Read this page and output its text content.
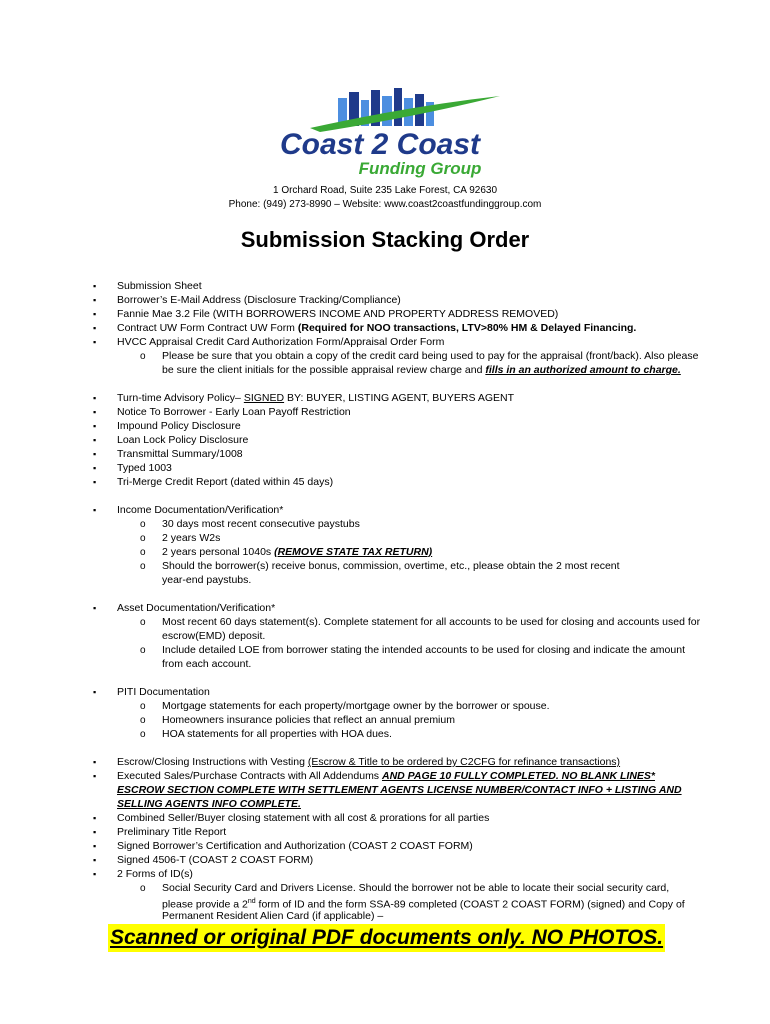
Coast 2 Coast
Funding Group
1 Orchard Road, Suite 235 Lake Forest, CA 92630
Phone: (949) 273-8990 – Website: www.coast2coastfundinggroup.com
Submission Stacking Order
▪
▪
▪
▪
▪
▪
▪
▪
▪
▪
▪
▪
▪
▪
▪
▪
▪
▪
▪
▪
▪
▪
o
o
o
o
o
o
o
o
o
o
o
Submission Sheet
Borrower’s E-Mail Address (Disclosure Tracking/Compliance)
Fannie Mae 3.2 File (WITH BORROWERS INCOME AND PROPERTY ADDRESS REMOVED)
Contract UW Form Contract UW Form (Required for NOO transactions, LTV>80% HM & Delayed Financing.
HVCC Appraisal Credit Card Authorization Form/Appraisal Order Form
Please be sure that you obtain a copy of the credit card being used to pay for the appraisal (front/back). Also please
be sure the client initials for the possible appraisal review charge and fills in an authorized amount to charge.
Turn-time Advisory Policy– SIGNED BY: BUYER, LISTING AGENT, BUYERS AGENT
Notice To Borrower - Early Loan Payoff Restriction
Impound Policy Disclosure
Loan Lock Policy Disclosure
Transmittal Summary/1008
Typed 1003
Tri-Merge Credit Report (dated within 45 days)
Income Documentation/Verification*
30 days most recent consecutive paystubs
2 years W2s
2 years personal 1040s (REMOVE STATE TAX RETURN)
Should the borrower(s) receive bonus, commission, overtime, etc., please obtain the 2 most recent
year-end paystubs.
Asset Documentation/Verification*
Most recent 60 days statement(s). Complete statement for all accounts to be used for closing and accounts used for
escrow(EMD) deposit.
Include detailed LOE from borrower stating the intended accounts to be used for closing and indicate the amount
from each account.
PITI Documentation
Mortgage statements for each property/mortgage owner by the borrower or spouse.
Homeowners insurance policies that reflect an annual premium
HOA statements for all properties with HOA dues.
Escrow/Closing Instructions with Vesting (Escrow & Title to be ordered by C2CFG for refinance transactions)
Executed Sales/Purchase Contracts with All Addendums AND PAGE 10 FULLY COMPLETED. NO BLANK LINES*
ESCROW SECTION COMPLETE WITH SETTLEMENT AGENTS LICENSE NUMBER/CONTACT INFO + LISTING AND
SELLING AGENTS INFO COMPLETE.
Combined Seller/Buyer closing statement with all cost & prorations for all parties
Preliminary Title Report
Signed Borrower’s Certification and Authorization (COAST 2 COAST FORM)
Signed 4506-T (COAST 2 COAST FORM)
2 Forms of ID(s)
Social Security Card and Drivers License. Should the borrower not be able to locate their social security card,
please provide a 2nd form of ID and the form SSA-89 completed (COAST 2 COAST FORM) (signed) and Copy of
Permanent Resident Alien Card (if applicable) –
Scanned or original PDF documents only. NO PHOTOS.
